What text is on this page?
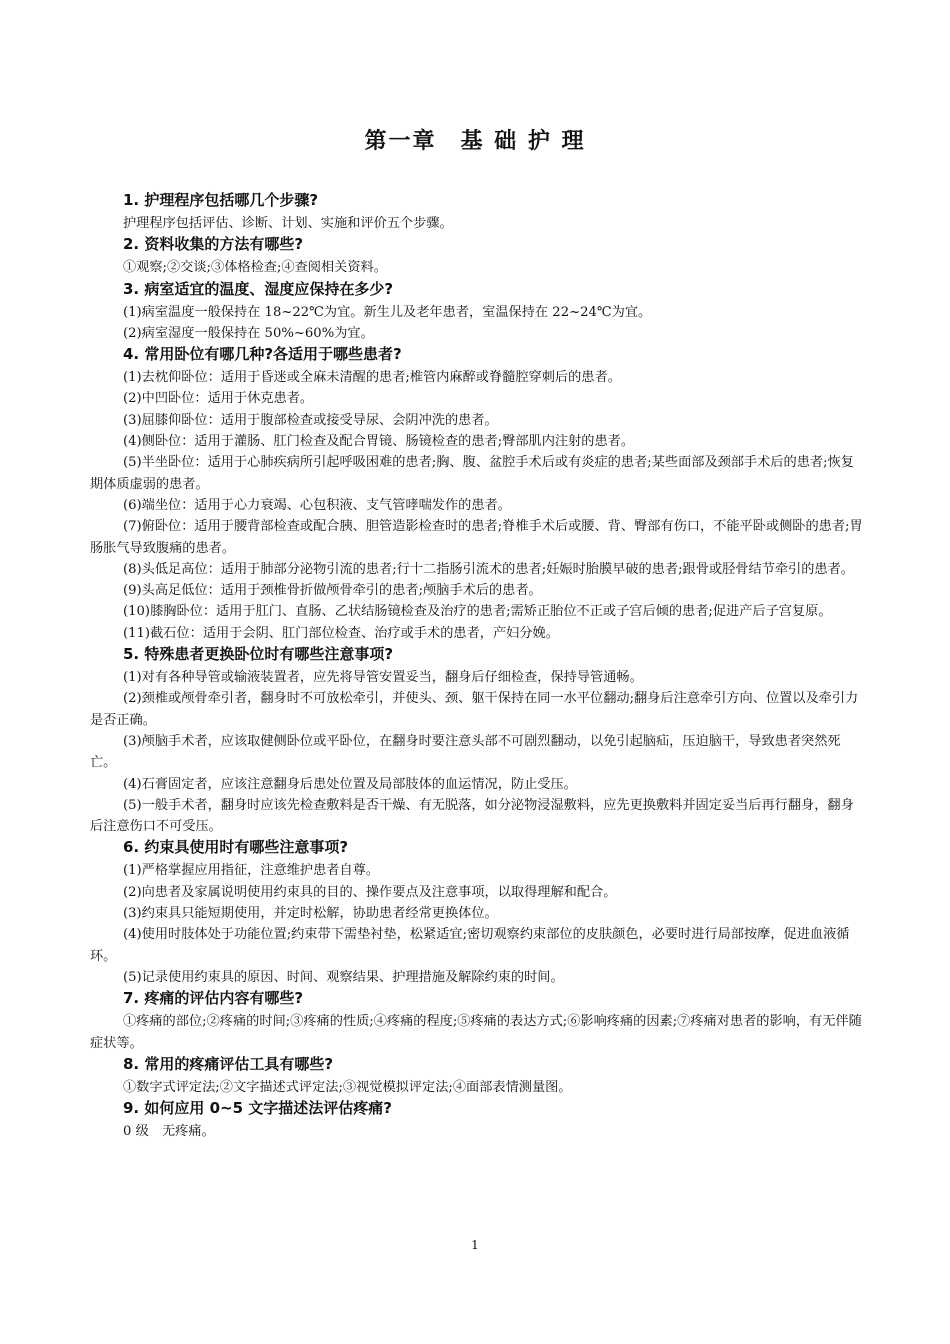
第一章　基 础 护 理

1. 护理程序包括哪几个步骤?

护理程序包括评估、诊断、计划、实施和评价五个步骤。

2. 资料收集的方法有哪些?

①观察;②交谈;③体格检查;④查阅相关资料。

3. 病室适宜的温度、湿度应保持在多少?

(1)病室温度一般保持在 18~22℃为宜。新生儿及老年患者，室温保持在 22~24℃为宜。

(2)病室湿度一般保持在 50%~60%为宜。

4. 常用卧位有哪几种?各适用于哪些患者?

(1)去枕仰卧位：适用于昏迷或全麻未清醒的患者;椎管内麻醉或脊髓腔穿刺后的患者。

(2)中凹卧位：适用于休克患者。

(3)屈膝仰卧位：适用于腹部检查或接受导尿、会阴冲洗的患者。

(4)侧卧位：适用于灌肠、肛门检查及配合胃镜、肠镜检查的患者;臀部肌内注射的患者。

(5)半坐卧位：适用于心肺疾病所引起呼吸困难的患者;胸、腹、盆腔手术后或有炎症的患者;某些面部及颈部手术后的患者;恢复期体质虚弱的患者。

(6)端坐位：适用于心力衰竭、心包积液、支气管哮喘发作的患者。

(7)俯卧位：适用于腰背部检查或配合胰、胆管造影检查时的患者;脊椎手术后或腰、背、臀部有伤口，不能平卧或侧卧的患者;胃肠胀气导致腹痛的患者。

(8)头低足高位：适用于肺部分泌物引流的患者;行十二指肠引流术的患者;妊娠时胎膜早破的患者;跟骨或胫骨结节牵引的患者。

(9)头高足低位：适用于颈椎骨折做颅骨牵引的患者;颅脑手术后的患者。

(10)膝胸卧位：适用于肛门、直肠、乙状结肠镜检查及治疗的患者;需矫正胎位不正或子宫后倾的患者;促进产后子宫复原。

(11)截石位：适用于会阴、肛门部位检查、治疗或手术的患者，产妇分娩。

5. 特殊患者更换卧位时有哪些注意事项?

(1)对有各种导管或输液装置者，应先将导管安置妥当，翻身后仔细检查，保持导管通畅。

(2)颈椎或颅骨牵引者，翻身时不可放松牵引，并使头、颈、躯干保持在同一水平位翻动;翻身后注意牵引方向、位置以及牵引力是否正确。

(3)颅脑手术者，应该取健侧卧位或平卧位，在翻身时要注意头部不可剧烈翻动，以免引起脑疝，压迫脑干，导致患者突然死亡。

(4)石膏固定者，应该注意翻身后患处位置及局部肢体的血运情况，防止受压。

(5)一般手术者，翻身时应该先检查敷料是否干燥、有无脱落，如分泌物浸湿敷料，应先更换敷料并固定妥当后再行翻身，翻身后注意伤口不可受压。

6. 约束具使用时有哪些注意事项?

(1)严格掌握应用指征，注意维护患者自尊。

(2)向患者及家属说明使用约束具的目的、操作要点及注意事项，以取得理解和配合。

(3)约束具只能短期使用，并定时松解，协助患者经常更换体位。

(4)使用时肢体处于功能位置;约束带下需垫衬垫，松紧适宜;密切观察约束部位的皮肤颜色，必要时进行局部按摩，促进血液循环。

(5)记录使用约束具的原因、时间、观察结果、护理措施及解除约束的时间。

7. 疼痛的评估内容有哪些?

①疼痛的部位;②疼痛的时间;③疼痛的性质;④疼痛的程度;⑤疼痛的表达方式;⑥影响疼痛的因素;⑦疼痛对患者的影响，有无伴随症状等。

8. 常用的疼痛评估工具有哪些?

①数字式评定法;②文字描述式评定法;③视觉模拟评定法;④面部表情测量图。

9. 如何应用 0~5 文字描述法评估疼痛?

0 级　无疼痛。

1
